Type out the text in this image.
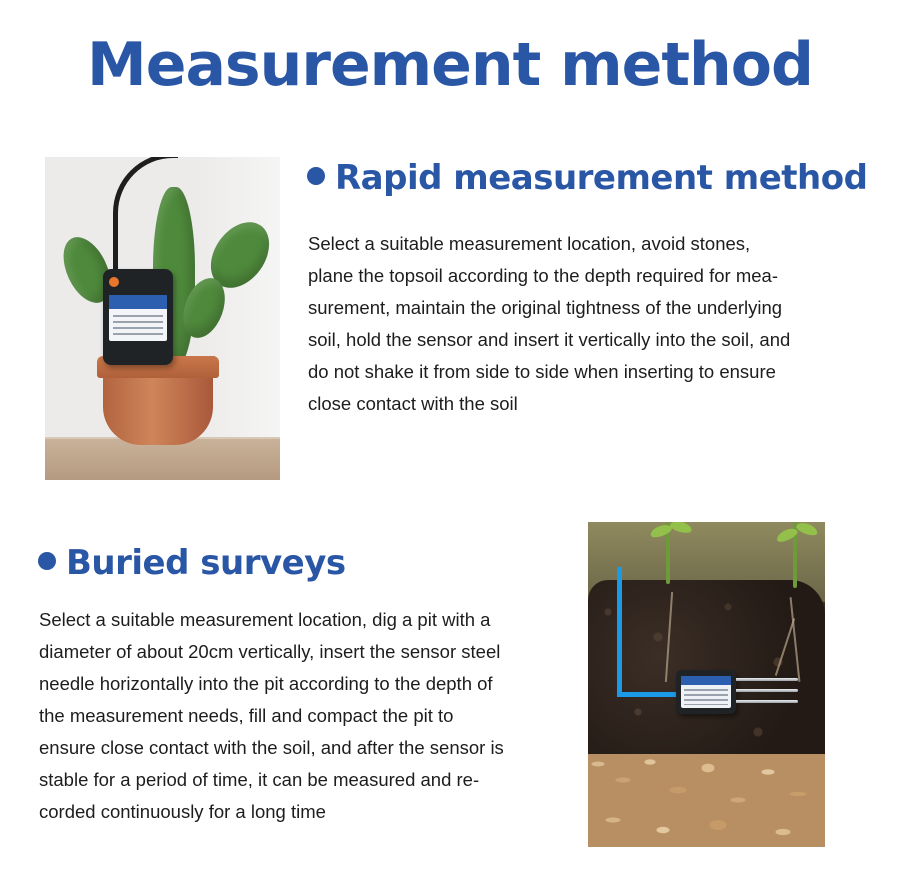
Measurement method
Rapid measurement method

Select a suitable measurement location, avoid stones,
plane the topsoil according to the depth required for mea-
surement, maintain the original tightness of the underlying
soil, hold the sensor and insert it vertically into the soil, and
do not shake it from side to side when inserting to ensure
close contact with the soil

Buried surveys

Select a suitable measurement location, dig a pit with a
diameter of about 20cm vertically, insert the sensor steel
needle horizontally into the pit according to the depth of
the measurement needs, fill and compact the pit to
ensure close contact with the soil, and after the sensor is
stable for a period of time, it can be measured and re-
corded continuously for a long time
